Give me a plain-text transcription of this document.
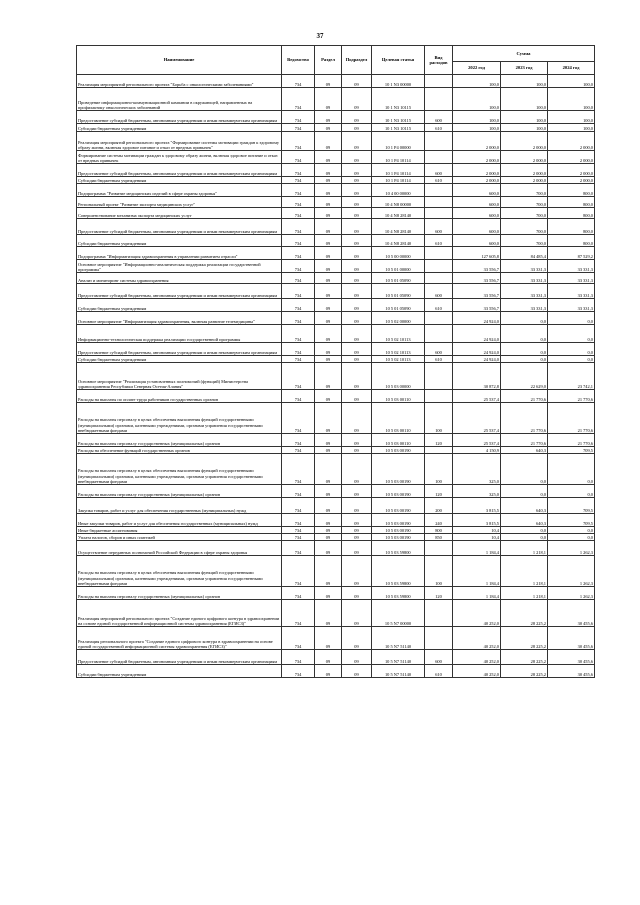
37
Наименование	Ведомство	Раздел	Подраздел	Целевая статья	Вид расходов	Сумма		
						2022 год	2023 год	2024 год
Реализация мероприятий регионального проекта "Борьба с онкологическими заболеваниями"	734	09	09	10 1 N3 00000		100,0	100,0	100,0
Проведение информационно-коммуникационной кампании в окружающей, направленных на профилактику онкологических заболеваний	734	09	09	10 1 N3 10115		100,0	100,0	100,0
Предоставление субсидий бюджетным, автономным учреждениям и иным некоммерческим организациям	734	09	09	10 1 N3 10115	600	100,0	100,0	100,0
Субсидии бюджетным учреждениям	734	09	09	10 1 N3 10115	610	100,0	100,0	100,0
Реализация мероприятий регионального проекта "Формирование системы мотивации граждан к здоровому образу жизни, включая здоровое питание и отказ от вредных привычек"	734	09	09	10 1 P4 00000		2 000,0	2 000,0	2 000,0
Формирование системы мотивации граждан к здоровому образу жизни, включая здоровое питание и отказ от вредных привычек	734	09	09	10 1 P4 10114		2 000,0	2 000,0	2 000,0
Предоставление субсидий бюджетным, автономным учреждениям и иным некоммерческим организациям	734	09	09	10 1 P4 10114	600	2 000,0	2 000,0	2 000,0
Субсидии бюджетным учреждениям	734	09	09	10 1 P4 10114	610	2 000,0	2 000,0	2 000,0
Подпрограмма "Развитие медицинских изделий в сфере охраны здоровья"	734	09	09	10 4 00 00000		600,0	700,0	800,0
Региональный проект "Развитие экспорта медицинских услуг"	734	09	09	10 4 N8 00000		600,0	700,0	800,0
Совершенствование механизма экспорта медицинских услуг	734	09	09	10 4 N8 28140		600,0	700,0	800,0
Предоставление субсидий бюджетным, автономным учреждениям и иным некоммерческим организациям	734	09	09	10 4 N8 28140	600	600,0	700,0	800,0
Субсидии бюджетным учреждениям	734	09	09	10 4 N8 28140	610	600,0	700,0	800,0
Подпрограмма "Информатизация здравоохранения в управлении развитием отрасли"	734	09	09	10 5 00 00000		127 605,8	84 485,4	87 529,2
Основное мероприятие "Информационно-аналитическая поддержка реализации государственной программы"	734	09	09	10 5 01 00000		33 556,7	33 331,3	33 331,3
Анализ и мониторинг системы здравоохранения	734	09	09	10 5 01 05090		33 556,7	33 331,3	33 331,3
Предоставление субсидий бюджетным, автономным учреждениям и иным некоммерческим организациям	734	09	09	10 5 01 05090	600	33 556,7	33 331,3	33 331,3
Субсидии бюджетным учреждениям	734	09	09	10 5 01 05090	610	33 556,7	33 331,3	33 331,3
Основное мероприятие "Информатизация здравоохранения, включая развитие телемедицины"	734	09	09	10 5 02 00000		24 924,0	0,0	0,0
Информационно-технологическая поддержка реализации государственной программы	734	09	09	10 5 02 10113		24 924,0	0,0	0,0
Предоставление субсидий бюджетным, автономным учреждениям и иным некоммерческим организациям	734	09	09	10 5 02 10113	600	24 924,0	0,0	0,0
Субсидии бюджетным учреждениям	734	09	09	10 5 02 10113	610	24 924,0	0,0	0,0
Основное мероприятие "Реализация установленных полномочий (функций) Министерства здравоохранения Республики Северная Осетия-Алания"	734	09	09	10 5 03 00000		30 872,8	22 629,0	23 742,1
Расходы на выплаты по оплате труда работников государственных органов	734	09	09	10 5 03 00110		25 537,4	21 770,6	21 770,6
Расходы на выплаты персоналу в целях обеспечения выполнения функций государственными (муниципальными) органами, казенными учреждениями, органами управления государственными внебюджетными фондами	734	09	09	10 5 03 00110	100	25 537,4	21 770,6	21 770,6
Расходы на выплаты персоналу государственных (муниципальных) органов	734	09	09	10 5 03 00110	120	25 537,4	21 770,6	21 770,6
Расходы на обеспечение функций государственных органов	734	09	09	10 5 03 00190		4 150,9	640,3	709,5
Расходы на выплаты персоналу в целях обеспечения выполнения функций государственными (муниципальными) органами, казенными учреждениями, органами управления государственными внебюджетными фондами	734	09	09	10 5 03 00190	100	325,0	0,0	0,0
Расходы на выплаты персоналу государственных (муниципальных) органов	734	09	09	10 5 03 00190	120	325,0	0,0	0,0
Закупка товаров, работ и услуг для обеспечения государственных (муниципальных) нужд	734	09	09	10 5 03 00190	200	3 815,5	640,3	709,5
Иные закупки товаров, работ и услуг для обеспечения государственных (муниципальных) нужд	734	09	09	10 5 03 00190	240	3 815,5	640,3	709,5
Иные бюджетные ассигнования	734	09	09	10 5 03 00190	800	10,4	0,0	0,0
Уплата налогов, сборов и иных платежей	734	09	09	10 5 03 00190	850	10,4	0,0	0,0
Осуществление переданных полномочий Российской Федерации в сфере охраны здоровья	734	09	09	10 5 03 59800		1 184,4	1 218,1	1 262,3
Расходы на выплаты персоналу в целях обеспечения выполнения функций государственными (муниципальными) органами, казенными учреждениями, органами управления государственными внебюджетными фондами	734	09	09	10 5 03 59800	100	1 184,4	1 218,1	1 262,3
Расходы на выплаты персоналу государственных (муниципальных) органов	734	09	09	10 5 03 59800	120	1 184,4	1 218,1	1 262,3
Реализация мероприятий регионального проекта "Создание единого цифрового контура в здравоохранении на основе единой государственной информационной системы здравоохранения (ЕГИСЗ)"	734	09	09	10 5 N7 00000		40 252,0	28 225,2	30 455,6
Реализация регионального проекта "Создание единого цифрового контура в здравоохранении на основе единой государственной информационной системы здравоохранения (ЕГИСЗ)"	734	09	09	10 5 N7 51140		40 252,0	28 225,2	30 455,6
Предоставление субсидий бюджетным, автономным учреждениям и иным некоммерческим организациям	734	09	09	10 5 N7 51140	600	40 252,0	28 225,2	30 455,6
Субсидии бюджетным учреждениям	734	09	09	10 5 N7 51140	610	40 252,0	28 225,2	30 455,6
